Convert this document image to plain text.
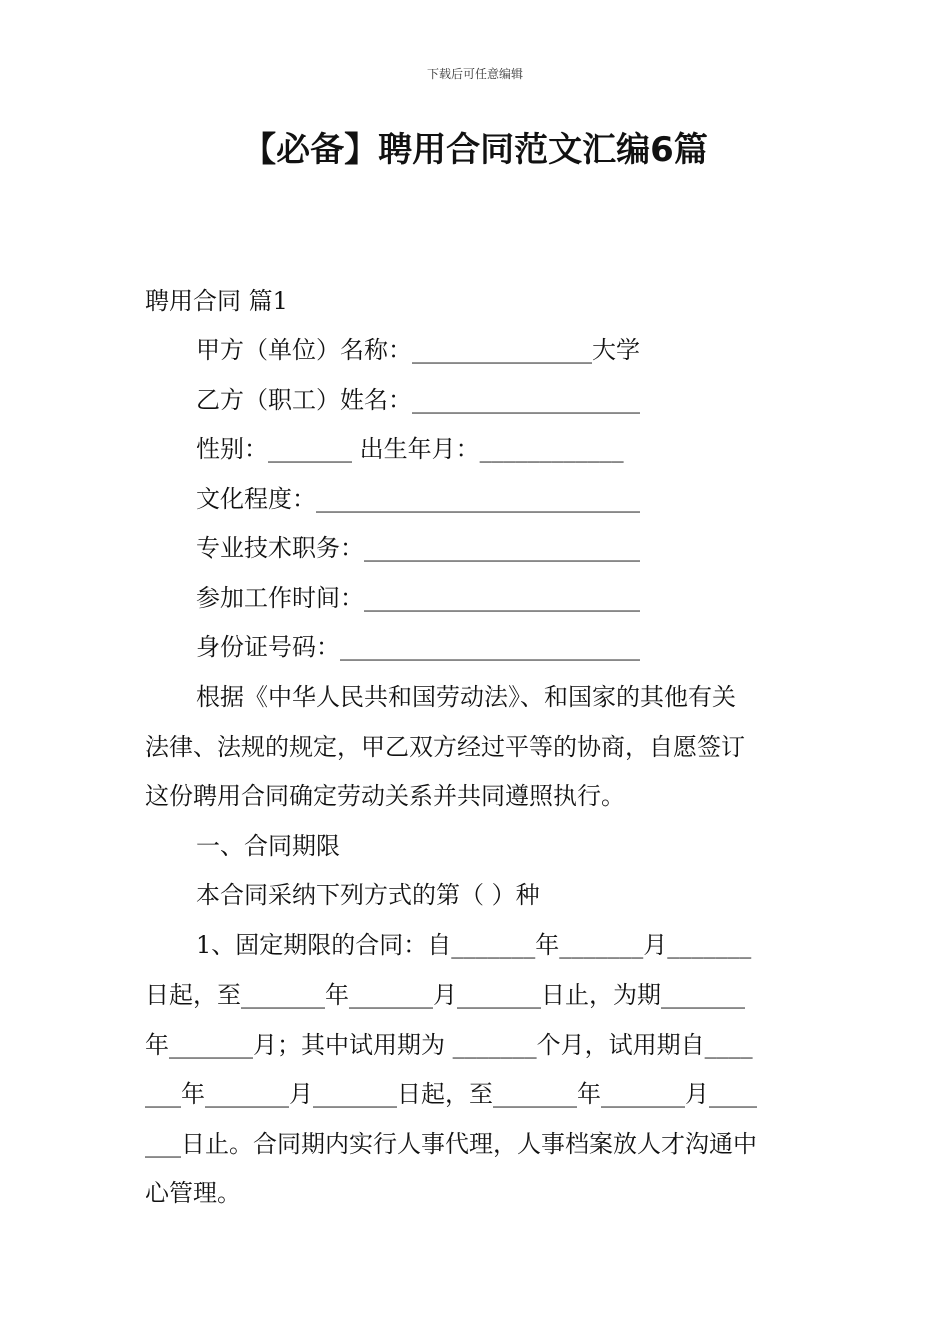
下载后可任意编辑
【必备】聘用合同范文汇编6篇

聘用合同 篇1

甲方（单位）名称：_______________大学

乙方（职工）姓名：___________________

性别：_______ 出生年月：____________

文化程度：___________________________

专业技术职务：_______________________

参加工作时间：_______________________

身份证号码：_________________________

根据《中华人民共和国劳动法》、和国家的其他有关

法律、法规的规定，甲乙双方经过平等的协商，自愿签订

这份聘用合同确定劳动关系并共同遵照执行。

一、合同期限

本合同采纳下列方式的第（ ）种

1、固定期限的合同：自_______年_______月_______

日起，至_______年_______月_______日止，为期_______

年_______月；其中试用期为 _______个月，试用期自____

___年_______月_______日起，至_______年_______月____

___日止。合同期内实行人事代理，人事档案放人才沟通中

心管理。
